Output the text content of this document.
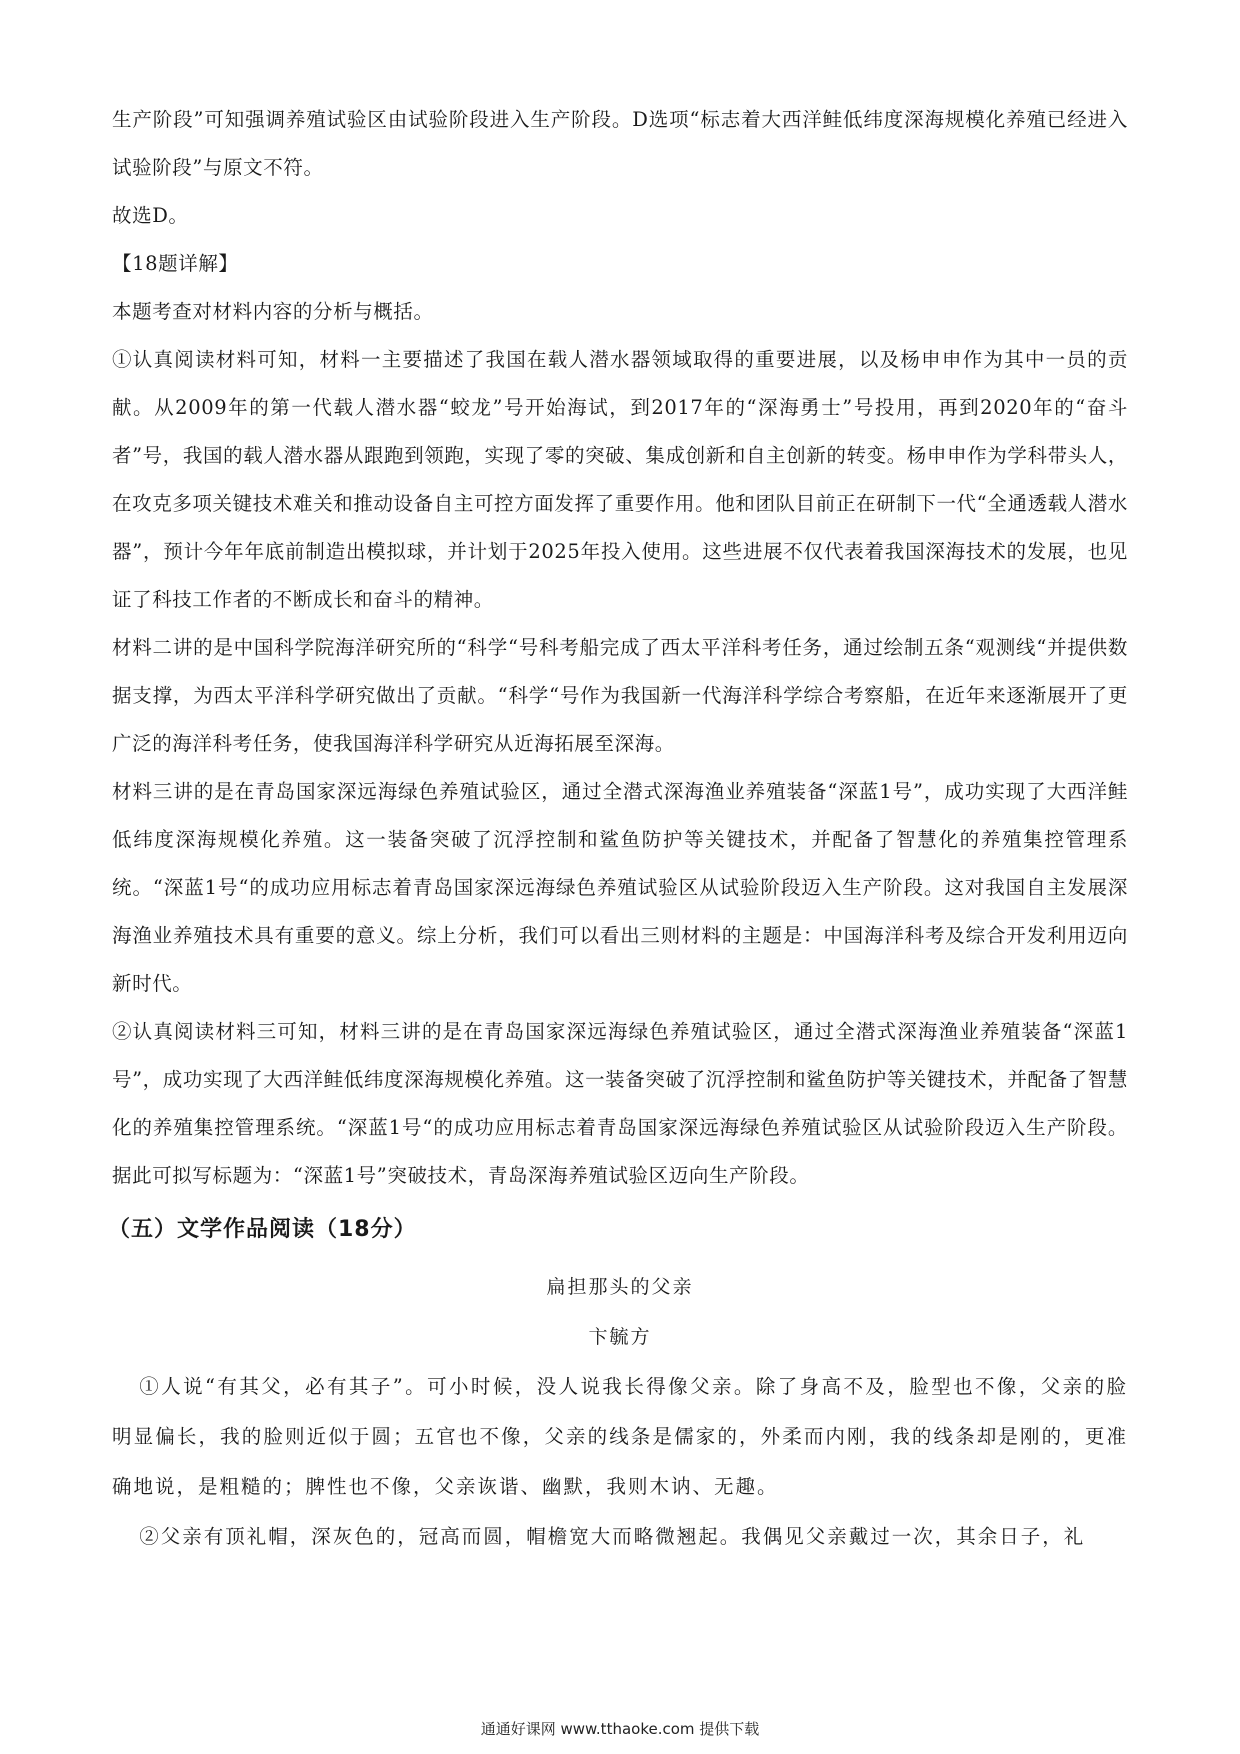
生产阶段”可知强调养殖试验区由试验阶段进入生产阶段。D选项“标志着大西洋鲑低纬度深海规模化养殖已经进入试验阶段”与原文不符。

故选D。

【18题详解】

本题考查对材料内容的分析与概括。

①认真阅读材料可知，材料一主要描述了我国在载人潜水器领域取得的重要进展，以及杨申申作为其中一员的贡献。从2009年的第一代载人潜水器“蛟龙”号开始海试，到2017年的“深海勇士”号投用，再到2020年的“奋斗者”号，我国的载人潜水器从跟跑到领跑，实现了零的突破、集成创新和自主创新的转变。杨申申作为学科带头人，在攻克多项关键技术难关和推动设备自主可控方面发挥了重要作用。他和团队目前正在研制下一代“全通透载人潜水器”，预计今年年底前制造出模拟球，并计划于2025年投入使用。这些进展不仅代表着我国深海技术的发展，也见证了科技工作者的不断成长和奋斗的精神。

材料二讲的是中国科学院海洋研究所的“科学“号科考船完成了西太平洋科考任务，通过绘制五条“观测线“并提供数据支撑，为西太平洋科学研究做出了贡献。“科学“号作为我国新一代海洋科学综合考察船，在近年来逐渐展开了更广泛的海洋科考任务，使我国海洋科学研究从近海拓展至深海。

材料三讲的是在青岛国家深远海绿色养殖试验区，通过全潜式深海渔业养殖装备“深蓝1号”，成功实现了大西洋鲑低纬度深海规模化养殖。这一装备突破了沉浮控制和鲨鱼防护等关键技术，并配备了智慧化的养殖集控管理系统。“深蓝1号“的成功应用标志着青岛国家深远海绿色养殖试验区从试验阶段迈入生产阶段。这对我国自主发展深海渔业养殖技术具有重要的意义。综上分析，我们可以看出三则材料的主题是：中国海洋科考及综合开发利用迈向新时代。

②认真阅读材料三可知，材料三讲的是在青岛国家深远海绿色养殖试验区，通过全潜式深海渔业养殖装备“深蓝1号”，成功实现了大西洋鲑低纬度深海规模化养殖。这一装备突破了沉浮控制和鲨鱼防护等关键技术，并配备了智慧化的养殖集控管理系统。“深蓝1号“的成功应用标志着青岛国家深远海绿色养殖试验区从试验阶段迈入生产阶段。据此可拟写标题为：“深蓝1号”突破技术，青岛深海养殖试验区迈向生产阶段。

（五）文学作品阅读（18分）

扁担那头的父亲

卞毓方

①人说“有其父，必有其子”。可小时候，没人说我长得像父亲。除了身高不及，脸型也不像，父亲的脸明显偏长，我的脸则近似于圆；五官也不像，父亲的线条是儒家的，外柔而内刚，我的线条却是刚的，更准确地说，是粗糙的；脾性也不像，父亲诙谐、幽默，我则木讷、无趣。

②父亲有顶礼帽，深灰色的，冠高而圆，帽檐宽大而略微翘起。我偶见父亲戴过一次，其余日子，礼

通通好课网 www.tthaoke.com 提供下载
